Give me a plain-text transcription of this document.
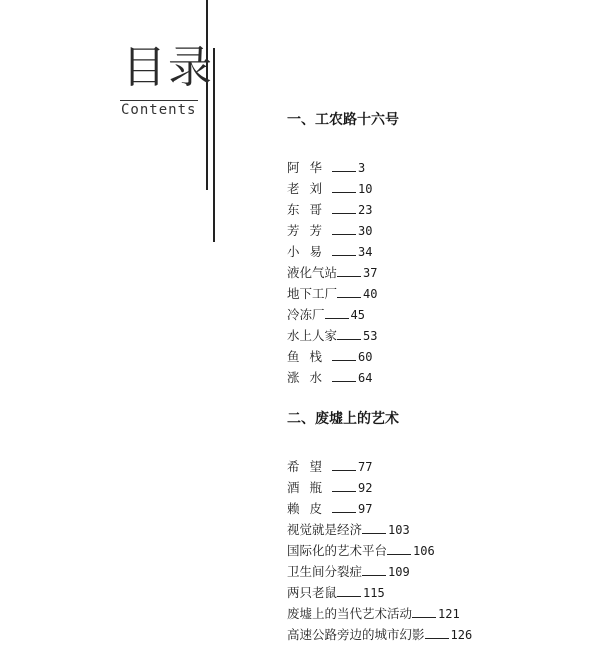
目录
Contents
一、工农路十六号
阿华 3
老刘 10
东哥 23
芳芳 30
小易 34
液化气站 37
地下工厂 40
冷冻厂 45
水上人家 53
鱼栈 60
涨水 64
二、废墟上的艺术
希望 77
酒瓶 92
赖皮 97
视觉就是经济 103
国际化的艺术平台 106
卫生间分裂症 109
两只老鼠 115
废墟上的当代艺术活动 121
高速公路旁边的城市幻影 126
